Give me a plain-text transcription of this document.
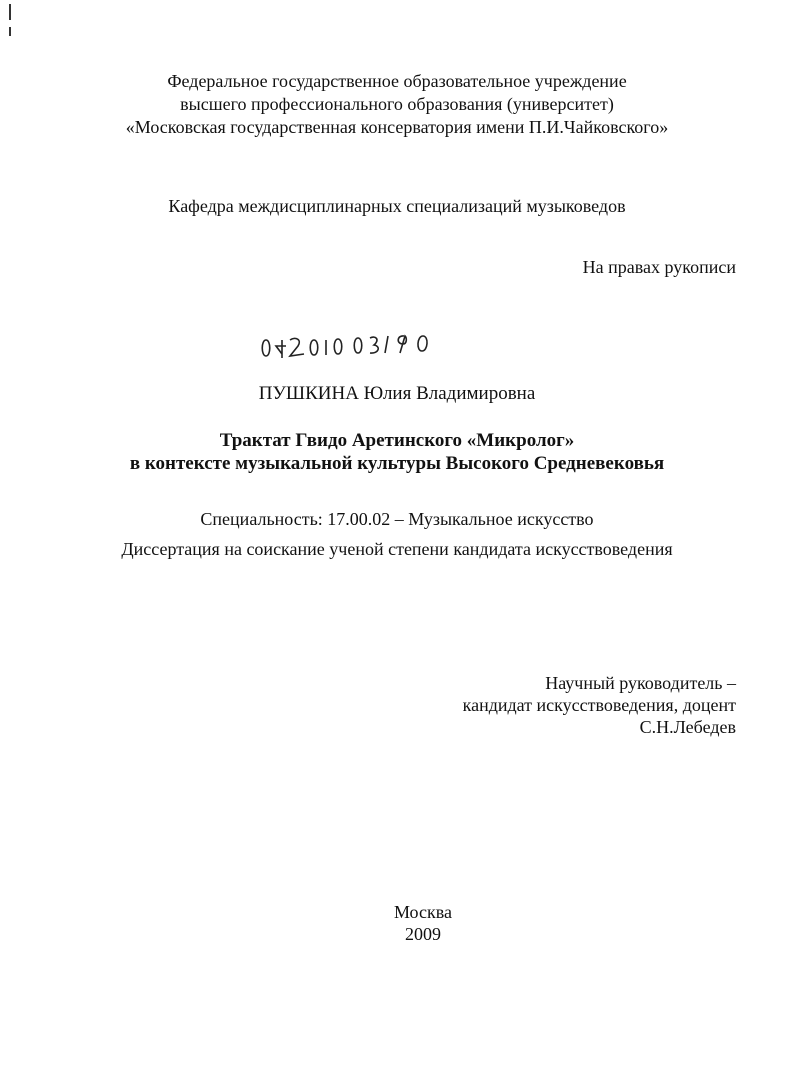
Федеральное государственное образовательное учреждение
высшего профессионального образования (университет)
«Московская государственная консерватория имени П.И.Чайковского»
Кафедра междисциплинарных специализаций музыковедов
На правах рукописи
ПУШКИНА Юлия Владимировна
Трактат Гвидо Аретинского «Микролог»
в контексте музыкальной культуры Высокого Средневековья
Специальность: 17.00.02 – Музыкальное искусство
Диссертация на соискание ученой степени кандидата искусствоведения
Научный руководитель –
кандидат искусствоведения, доцент
С.Н.Лебедев
Москва
2009
